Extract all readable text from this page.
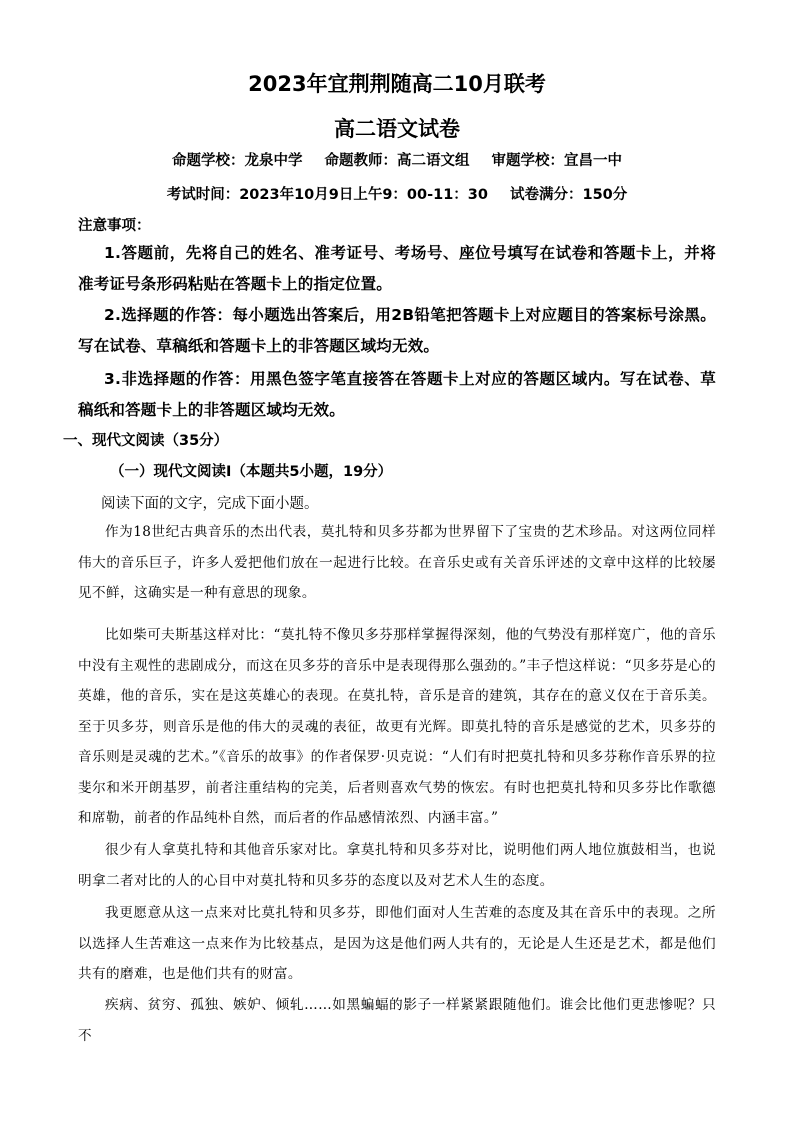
2023年宜荆荆随高二10月联考
高二语文试卷
命题学校：龙泉中学 命题教师：高二语文组 审题学校：宜昌一中
考试时间：2023年10月9日上午9：00-11：30 试卷满分：150分
注意事项：
1.答题前，先将自己的姓名、准考证号、考场号、座位号填写在试卷和答题卡上，并将准考证号条形码粘贴在答题卡上的指定位置。
2.选择题的作答：每小题选出答案后，用2B铅笔把答题卡上对应题目的答案标号涂黑。写在试卷、草稿纸和答题卡上的非答题区域均无效。
3.非选择题的作答：用黑色签字笔直接答在答题卡上对应的答题区域内。写在试卷、草稿纸和答题卡上的非答题区域均无效。
一、现代文阅读（35分）
（一）现代文阅读Ⅰ（本题共5小题，19分）
阅读下面的文字，完成下面小题。
作为18世纪古典音乐的杰出代表，莫扎特和贝多芬都为世界留下了宝贵的艺术珍品。对这两位同样伟大的音乐巨子，许多人爱把他们放在一起进行比较。在音乐史或有关音乐评述的文章中这样的比较屡见不鲜，这确实是一种有意思的现象。
比如柴可夫斯基这样对比：“莫扎特不像贝多芬那样掌握得深刻，他的气势没有那样宽广，他的音乐中没有主观性的悲剧成分，而这在贝多芬的音乐中是表现得那么强劲的。”丰子恺这样说：“贝多芬是心的英雄，他的音乐，实在是这英雄心的表现。在莫扎特，音乐是音的建筑，其存在的意义仅在于音乐美。至于贝多芬，则音乐是他的伟大的灵魂的表征，故更有光辉。即莫扎特的音乐是感觉的艺术，贝多芬的音乐则是灵魂的艺术。”《音乐的故事》的作者保罗·贝克说：“人们有时把莫扎特和贝多芬称作音乐界的拉斐尔和米开朗基罗，前者注重结构的完美，后者则喜欢气势的恢宏。有时也把莫扎特和贝多芬比作歌德和席勒，前者的作品纯朴自然，而后者的作品感情浓烈、内涵丰富。”
很少有人拿莫扎特和其他音乐家对比。拿莫扎特和贝多芬对比，说明他们两人地位旗鼓相当，也说明拿二者对比的人的心目中对莫扎特和贝多芬的态度以及对艺术人生的态度。
我更愿意从这一点来对比莫扎特和贝多芬，即他们面对人生苦难的态度及其在音乐中的表现。之所以选择人生苦难这一点来作为比较基点，是因为这是他们两人共有的，无论是人生还是艺术，都是他们共有的磨难，也是他们共有的财富。
疾病、贫穷、孤独、嫉妒、倾轧……如黑蝙蝠的影子一样紧紧跟随他们。谁会比他们更悲惨呢？只不
